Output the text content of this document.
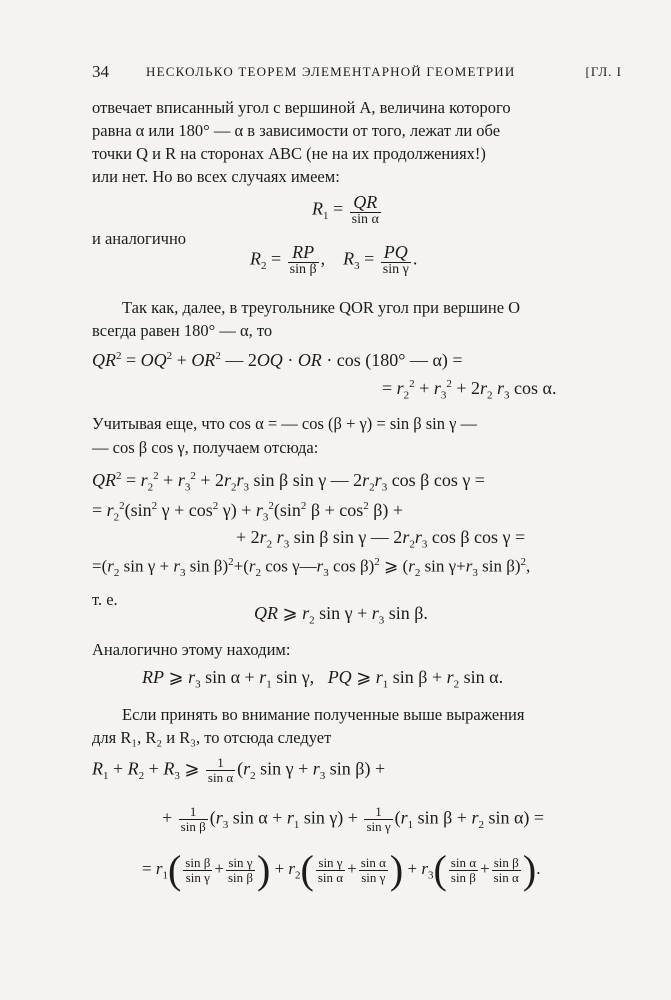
34	НЕСКОЛЬКО ТЕОРЕМ ЭЛЕМЕНТАРНОЙ ГЕОМЕТРИИ	[ГЛ. I
отвечает вписанный угол с вершиной A, величина которого
равна α или 180° — α в зависимости от того, лежат ли обе
точки Q и R на сторонах ABC (не на их продолжениях!)
или нет. Но во всех случаях имеем:
$R_1 = \frac{QR}{\text{sin α}}$
и аналогично
$R_2 = \frac{RP}{\text{sin β}}$ ,    $R_3 = \frac{PQ}{\text{sin γ}}$ .
Так как, далее, в треугольнике QOR угол при вершине O
всегда равен 180° — α, то
$QR^2 = OQ^2 + OR^2$ — 2OQ · OR · cos (180° — α) =
= $r_2^2 + r_3^2 + 2r_2$ $r_3$ cos α.
Учитывая еще, что cos α = — cos (β + γ) = sin β sin γ —
— cos β cos γ, получаем отсюда:
$QR^2 = r_2^2 + r_3^2 + 2r_2r_3$ sin β sin γ — $2r_2r_3$ cos β cos γ =
= $r_2^2(\sin^2$ $\gamma + \cos^2 \gamma) + r_3^2(\sin^2$ $\beta + \cos^2 \beta$) +
+ $2r_2$ $r_3$ sin β sin γ — $2r_2r_3$ cos β cos γ =
$=(r_2$ $\sin \gamma + r_3$ $\sin \beta)^2+(r_2$ $\cos \gamma—r_3$ cos β)$^2$ ⩾ ($r_2$ $\sin \gamma+r_3$ sin β)$^2$,
т. е.
QR ⩾ $r_2$ $\sin \gamma + r_3$ sin β.
Аналогично этому находим:
RP ⩾ $r_3$ $\sin \alpha + r_1$ sin γ,   PQ ⩾ $r_1$ $\sin \beta + r_2$ sin α.
Если принять во внимание полученные выше выражения
для R₁, R₂ и R₃, то отсюда следует
$R_1 + R_2 + R_3$ ⩾ $\frac{1}{\text{sin α}} (r_2$ $\sin \gamma + r_3$ sin β) +
+ $\frac{1}{\text{sin β}} (r_3$ $\sin \alpha + r_1$ $\sin \gamma) + \frac{1}{\text{sin γ}} (r_1$ $\sin \beta + r_2$ sin α) =
= $r_1( \frac{\text{sin β}}{\text{sin γ}} + \frac{\text{sin γ}}{\text{sin β}}$ ) + $r_2( \frac{\text{sin γ}}{\text{sin α}} + \frac{\text{sin α}}{\text{sin γ}}$ ) + $r_3( \frac{\text{sin α}}{\text{sin β}} + \frac{\text{sin β}}{\text{sin α}}$ ).
